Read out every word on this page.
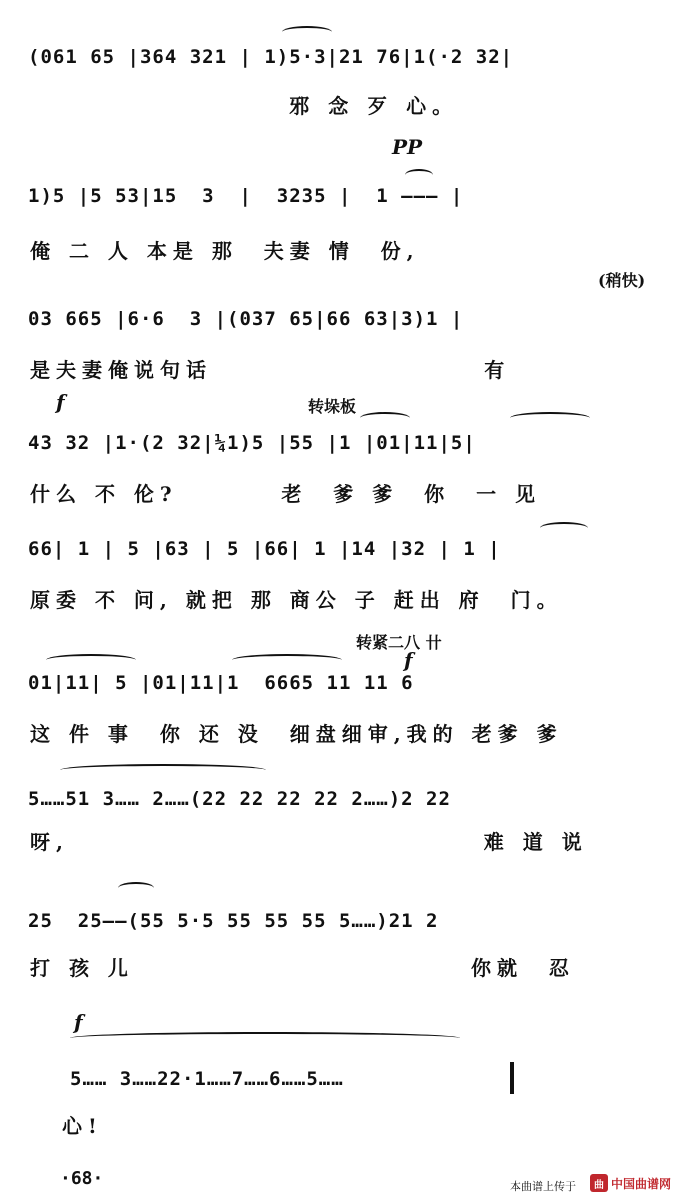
(061 65 |364 321 | 1)5·3|21 76|1(·2 32|
邪 念 歹 心。
PP
1)5 |5 53|15  3  |  3235 |  1 ——— |
俺 二 人 本是 那  夫妻 情  份,
(稍快)
03 665 |6·6  3 |(037 65|66 63|3)1 |
是夫妻俺说句话                     有
f	转垛板
43 32 |1·(2 32|¼1)5 |55 |1 |01|11|5|
什么 不 伦?        老  爹 爹  你  一 见
66| 1 | 5 |63 | 5 |66| 1 |14 |32 | 1 |
原委 不 问, 就把 那 商公 子 赶出 府  门。
转紧二八 卄
f
01|11| 5 |01|11|1  6665 11 11 6
这 件 事  你 还 没  细盘细审,我的 老爹 爹
5……51 3…… 2……(22 22 22 22 2……)2 22
呀,                                难 道 说
25  25——(55 5·5 55 55 55 5……)21 2
打 孩 儿                          你就  忍
f
5…… 3……22·1……7……6……5……
心!
·68·	本曲谱上传于	曲 中国曲谱网
